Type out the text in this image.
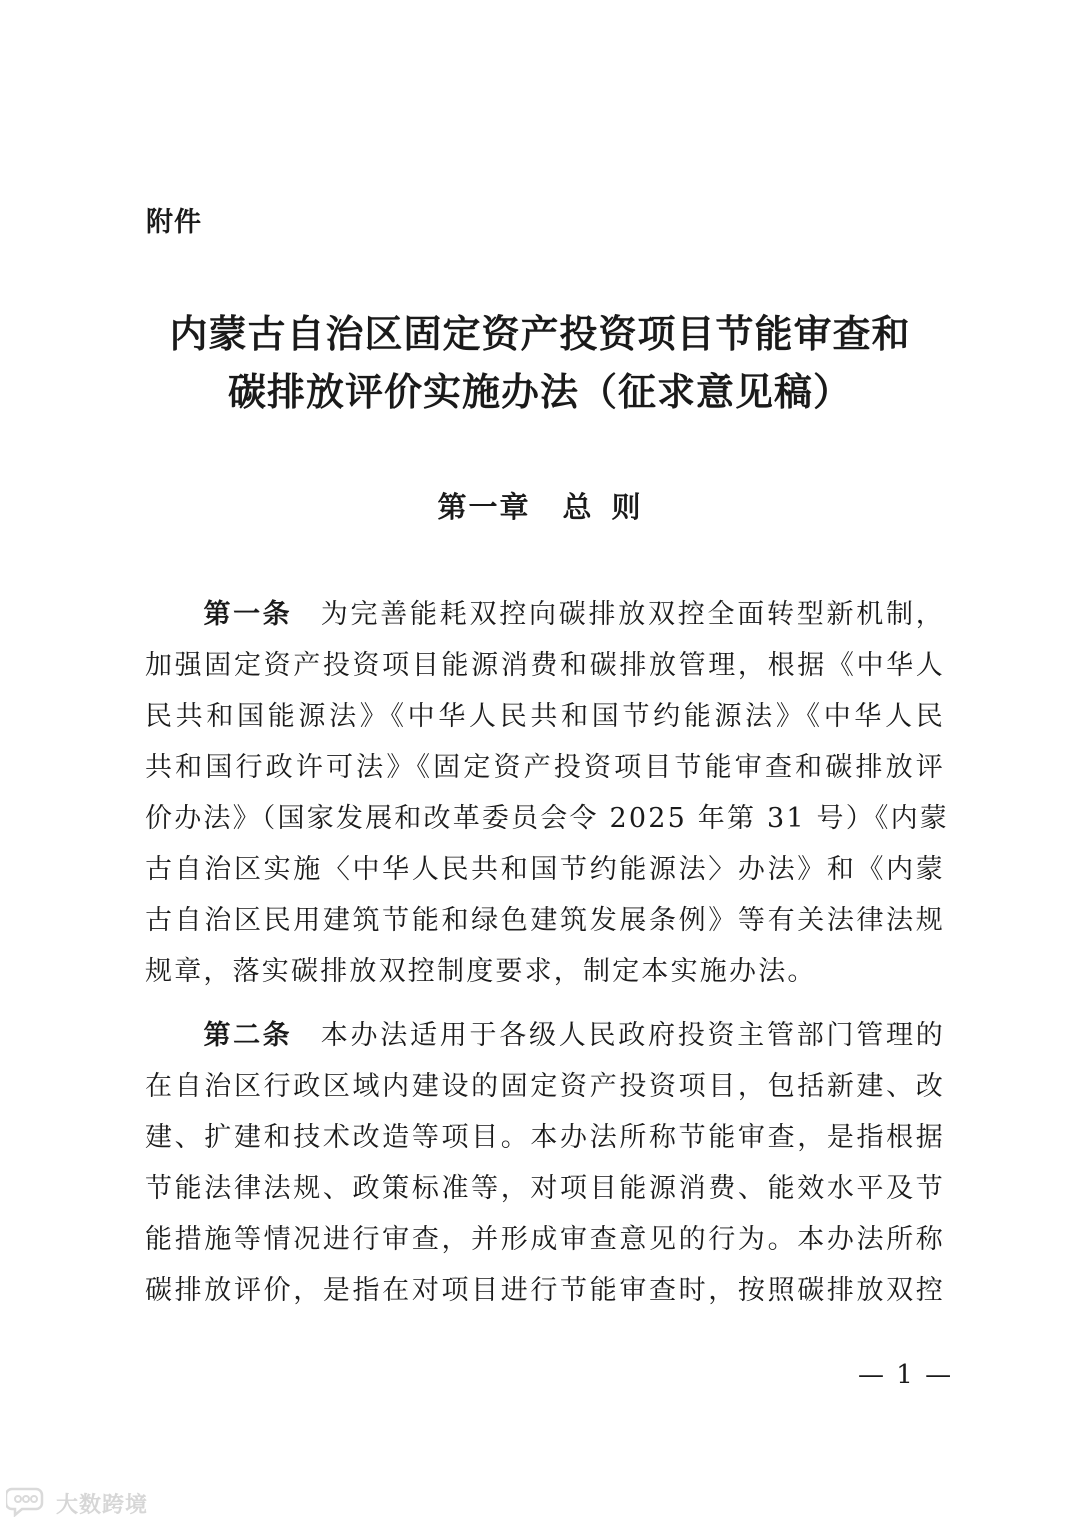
附件
内蒙古自治区固定资产投资项目节能审查和
碳排放评价实施办法（征求意见稿）
第一章 总 则
第一条 为完善能耗双控向碳排放双控全面转型新机制，
加强固定资产投资项目能源消费和碳排放管理，根据《中华人
民共和国能源法》《中华人民共和国节约能源法》《中华人民
共和国行政许可法》《固定资产投资项目节能审查和碳排放评
价办法》（国家发展和改革委员会令 2025 年第 31 号）《内蒙
古自治区实施〈中华人民共和国节约能源法〉办法》和《内蒙
古自治区民用建筑节能和绿色建筑发展条例》等有关法律法规
规章，落实碳排放双控制度要求，制定本实施办法。
第二条 本办法适用于各级人民政府投资主管部门管理的
在自治区行政区域内建设的固定资产投资项目，包括新建、改
建、扩建和技术改造等项目。本办法所称节能审查，是指根据
节能法律法规、政策标准等，对项目能源消费、能效水平及节
能措施等情况进行审查，并形成审查意见的行为。本办法所称
碳排放评价，是指在对项目进行节能审查时，按照碳排放双控
— 1 —
大数跨境
